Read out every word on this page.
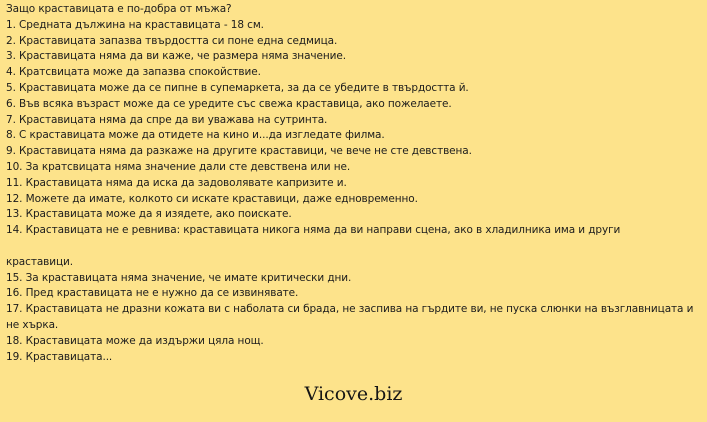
Защо краставицата е по-добра от мъжа?

1. Средната дължина на краставицата - 18 см.

2. Краставицата запазва твърдостта си поне една седмица.

3. Краставицата няма да ви каже, че размера няма значение.

4. Кратсвицата може да запазва спокойствие.

5. Краставицата може да се пипне в супемаркета, за да се убедите в твърдостта й.

6. Във всяка възраст може да се уредите със свежа краставица, ако пожелаете.

7. Краставицата няма да спре да ви уважава на сутринта.

8. С краставицата може да отидете на кино и...да изгледате филма.

9. Краставицата няма да разкаже на другите краставици, че вече не сте девствена.

10. За кратсвицата няма значение дали сте девствена или не.

11. Краставицата няма да иска да задоволявате капризите и.

12. Можете да имате, колкото си искате краставици, даже едновременно.

13. Краставицата може да я изядете, ако поискате.

14. Краставицата не е ревнива: краставицата никога няма да ви направи сцена, ако в хладилника има и други

краставици.

15. За краставицата няма значение, че имате критически дни.

16. Пред краставицата не е нужно да се извинявате.

17. Краставицата не дразни кожата ви с наболата си брада, не заспива на гърдите ви, не пуска слюнки на възглавницата и не хърка.

18. Краставицата може да издържи цяла нощ.

19. Краставицата...

Vicove.biz
